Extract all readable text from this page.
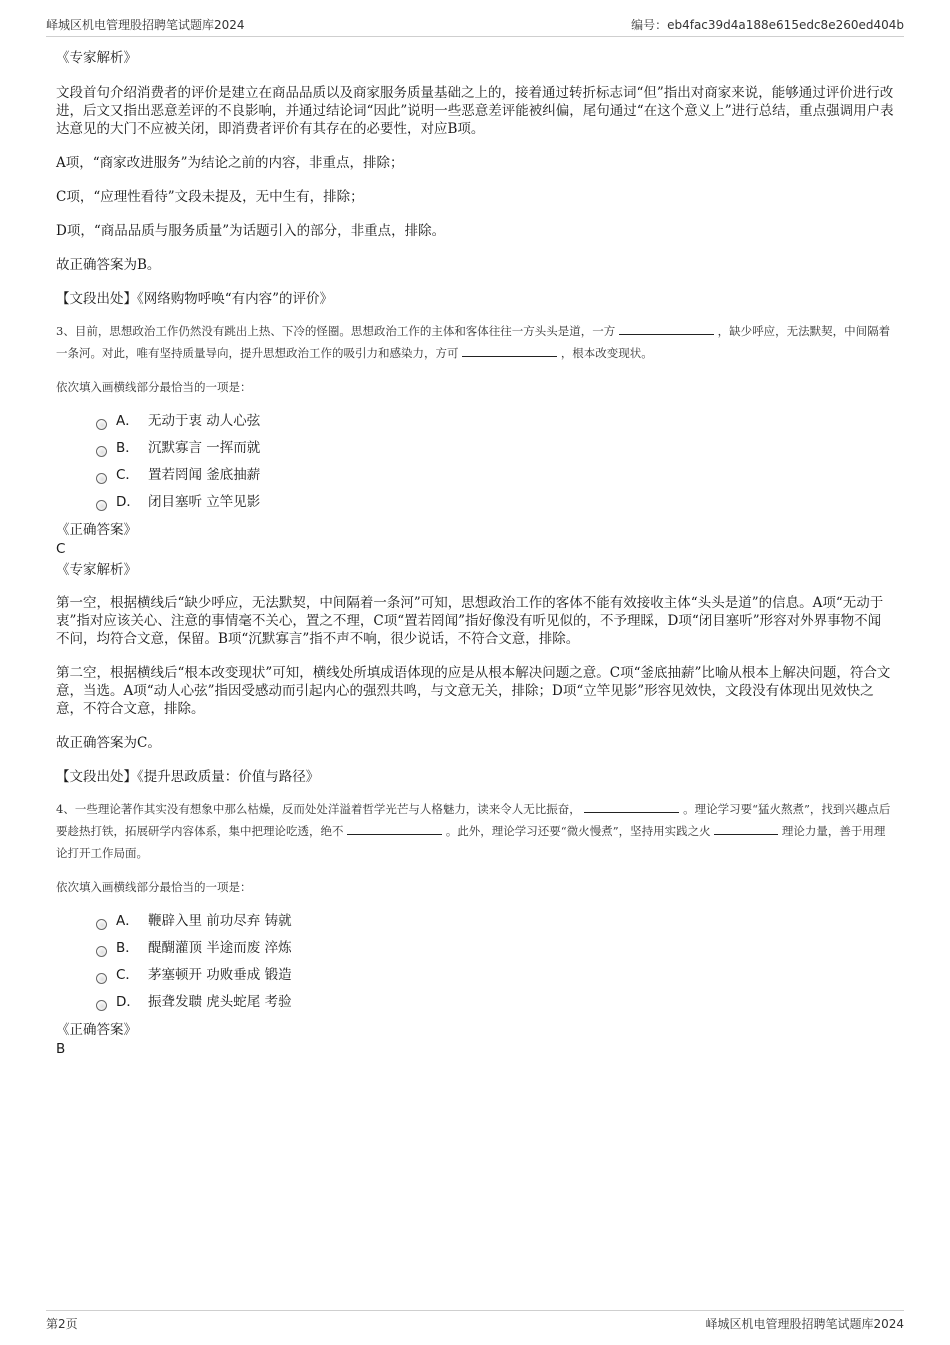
峄城区机电管理股招聘笔试题库2024	编号：eb4fac39d4a188e615edc8e260ed404b

《专家解析》

文段首句介绍消费者的评价是建立在商品品质以及商家服务质量基础之上的，接着通过转折标志词“但”指出对商家来说，能够通过评价进行改进，后文又指出恶意差评的不良影响，并通过结论词“因此”说明一些恶意差评能被纠偏，尾句通过“在这个意义上”进行总结，重点强调用户表达意见的大门不应被关闭，即消费者评价有其存在的必要性，对应B项。

A项，“商家改进服务”为结论之前的内容，非重点，排除；

C项，“应理性看待”文段未提及，无中生有，排除；

D项，“商品品质与服务质量”为话题引入的部分，非重点，排除。

故正确答案为B。

【文段出处】《网络购物呼唤“有内容”的评价》

3、目前，思想政治工作仍然没有跳出上热、下冷的怪圈。思想政治工作的主体和客体往往一方头头是道，一方	，缺少呼应，无法默契，中间隔着一条河。对此，唯有坚持质量导向，提升思想政治工作的吸引力和感染力，方可	，根本改变现状。

依次填入画横线部分最恰当的一项是：

A． 无动于衷 动人心弦
B． 沉默寡言 一挥而就
C． 置若罔闻 釜底抽薪
D． 闭目塞听 立竿见影

《正确答案》

C

《专家解析》

第一空，根据横线后“缺少呼应，无法默契，中间隔着一条河”可知，思想政治工作的客体不能有效接收主体“头头是道”的信息。A项“无动于衷”指对应该关心、注意的事情毫不关心，置之不理，C项“置若罔闻”指好像没有听见似的，不予理睬，D项“闭目塞听”形容对外界事物不闻不问，均符合文意，保留。B项“沉默寡言”指不声不响，很少说话，不符合文意，排除。

第二空，根据横线后“根本改变现状”可知，横线处所填成语体现的应是从根本解决问题之意。C项“釜底抽薪”比喻从根本上解决问题，符合文意，当选。A项“动人心弦”指因受感动而引起内心的强烈共鸣，与文意无关，排除；D项“立竿见影”形容见效快，文段没有体现出见效快之意，不符合文意，排除。

故正确答案为C。

【文段出处】《提升思政质量：价值与路径》

4、一些理论著作其实没有想象中那么枯燥，反而处处洋溢着哲学光芒与人格魅力，读来令人无比振奋，	。理论学习要“猛火熬煮”，找到兴趣点后要趁热打铁，拓展研学内容体系，集中把理论吃透，绝不	。此外，理论学习还要“微火慢煮”，坚持用实践之火	理论力量，善于用理论打开工作局面。

依次填入画横线部分最恰当的一项是：

A． 鞭辟入里 前功尽弃 铸就
B． 醍醐灌顶 半途而废 淬炼
C． 茅塞顿开 功败垂成 锻造
D． 振聋发聩 虎头蛇尾 考验

《正确答案》

B

第2页	峄城区机电管理股招聘笔试题库2024
